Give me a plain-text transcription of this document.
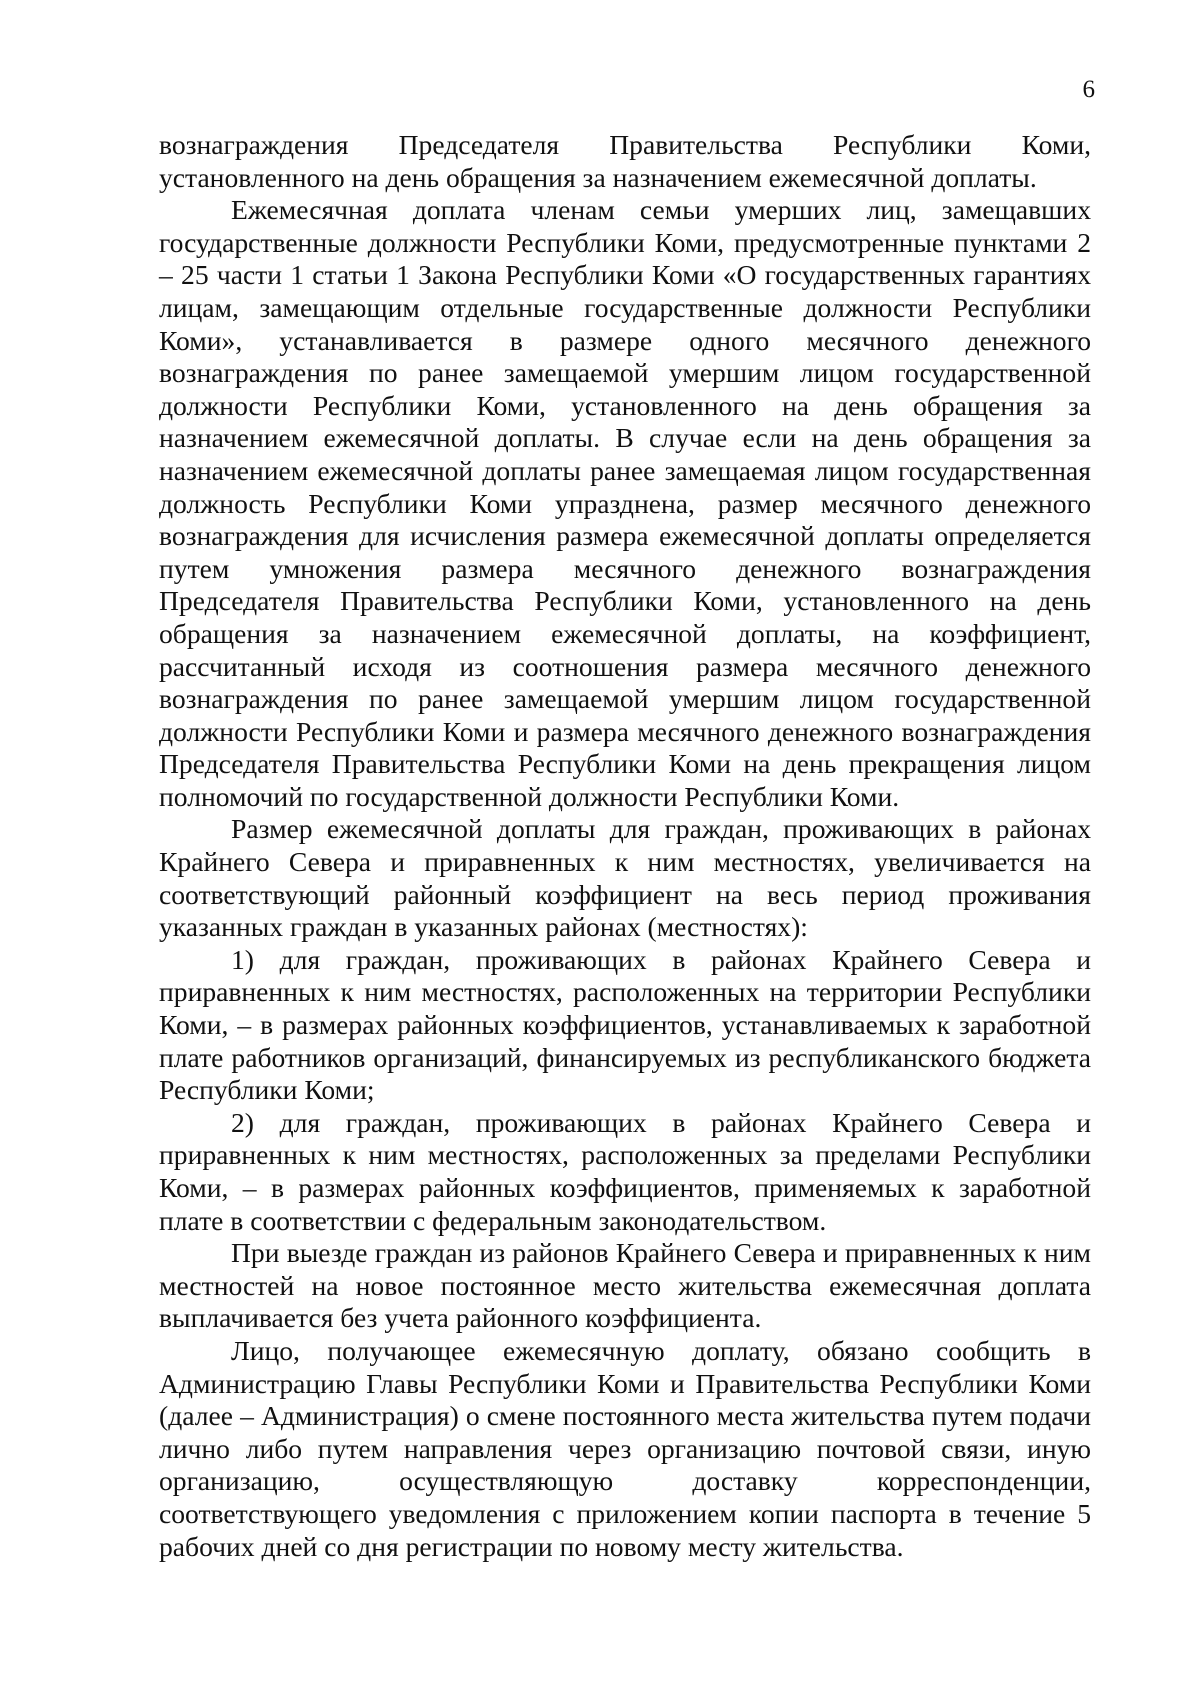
6

вознаграждения Председателя Правительства Республики Коми, установленного на день обращения за назначением ежемесячной доплаты.

Ежемесячная доплата членам семьи умерших лиц, замещавших государственные должности Республики Коми, предусмотренные пунктами 2 – 25 части 1 статьи 1 Закона Республики Коми «О государственных гарантиях лицам, замещающим отдельные государственные должности Республики Коми», устанавливается в размере одного месячного денежного вознаграждения по ранее замещаемой умершим лицом государственной должности Республики Коми, установленного на день обращения за назначением ежемесячной доплаты. В случае если на день обращения за назначением ежемесячной доплаты ранее замещаемая лицом государственная должность Республики Коми упразднена, размер месячного денежного вознаграждения для исчисления размера ежемесячной доплаты определяется путем умножения размера месячного денежного вознаграждения Председателя Правительства Республики Коми, установленного на день обращения за назначением ежемесячной доплаты, на коэффициент, рассчитанный исходя из соотношения размера месячного денежного вознаграждения по ранее замещаемой умершим лицом государственной должности Республики Коми и размера месячного денежного вознаграждения Председателя Правительства Республики Коми на день прекращения лицом полномочий по государственной должности Республики Коми.

Размер ежемесячной доплаты для граждан, проживающих в районах Крайнего Севера и приравненных к ним местностях, увеличивается на соответствующий районный коэффициент на весь период проживания указанных граждан в указанных районах (местностях):

1) для граждан, проживающих в районах Крайнего Севера и приравненных к ним местностях, расположенных на территории Республики Коми, – в размерах районных коэффициентов, устанавливаемых к заработной плате работников организаций, финансируемых из республиканского бюджета Республики Коми;

2) для граждан, проживающих в районах Крайнего Севера и приравненных к ним местностях, расположенных за пределами Республики Коми, – в размерах районных коэффициентов, применяемых к заработной плате в соответствии с федеральным законодательством.

При выезде граждан из районов Крайнего Севера и приравненных к ним местностей на новое постоянное место жительства ежемесячная доплата выплачивается без учета районного коэффициента.

Лицо, получающее ежемесячную доплату, обязано сообщить в Администрацию Главы Республики Коми и Правительства Республики Коми (далее – Администрация) о смене постоянного места жительства путем подачи лично либо путем направления через организацию почтовой связи, иную организацию, осуществляющую доставку корреспонденции, соответствующего уведомления с приложением копии паспорта в течение 5 рабочих дней со дня регистрации по новому месту жительства.
